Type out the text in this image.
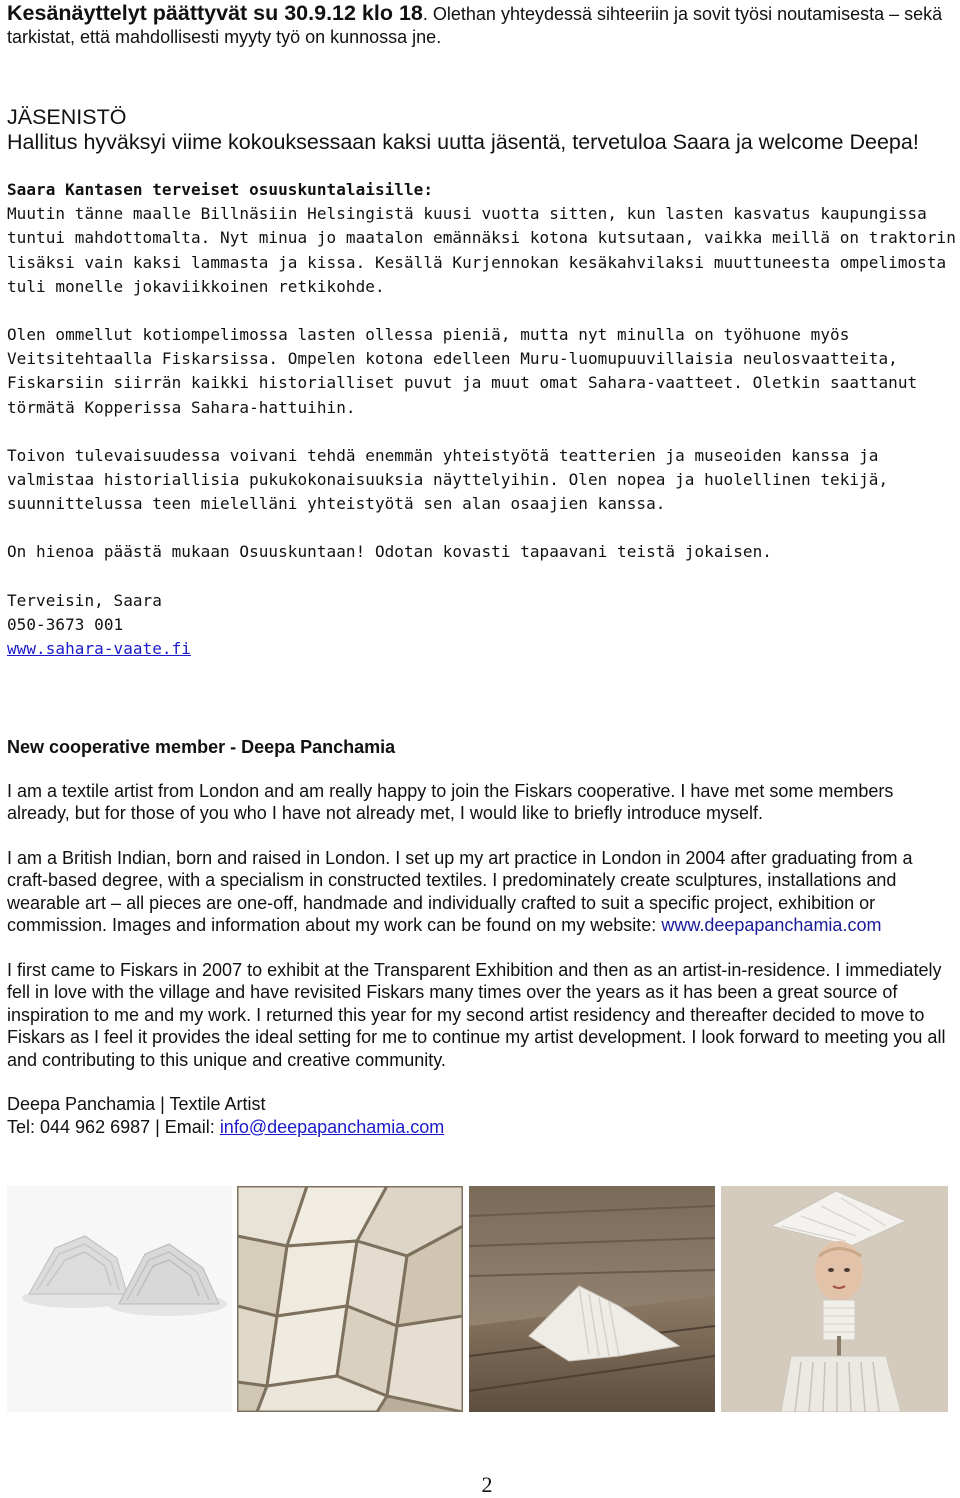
Kesänäyttelyt päättyvät su 30.9.12 klo 18. Olethan yhteydessä sihteeriin ja sovit työsi noutamisesta – sekä tarkistat, että mahdollisesti myyty työ on kunnossa jne.

JÄSENISTÖ
Hallitus hyväksyi viime kokouksessaan kaksi uutta jäsentä, tervetuloa Saara ja welcome Deepa!
Saara Kantasen terveiset osuuskuntalaisille:

Muutin tänne maalle Billnäsiin Helsingistä kuusi vuotta sitten, kun lasten kasvatus kaupungissa tuntui mahdottomalta. Nyt minua jo maatalon emännäksi kotona kutsutaan, vaikka meillä on traktorin lisäksi vain kaksi lammasta ja kissa. Kesällä Kurjennokan kesäkahvilaksi muuttuneesta ompelimosta tuli monelle jokaviikkoinen retkikohde.

Olen ommellut kotiompelimossa lasten ollessa pieniä, mutta nyt minulla on työhuone myös Veitsitehtaalla Fiskarsissa. Ompelen kotona edelleen Muru-luomupuuvillaisia neulosvaatteita, Fiskarsiin siirrän kaikki historialliset puvut ja muut omat Sahara-vaatteet. Oletkin saattanut törmätä Kopperissa Sahara-hattuihin.

Toivon tulevaisuudessa voivani tehdä enemmän yhteistyötä teatterien ja museoiden kanssa ja valmistaa historiallisia pukukokonaisuuksia näyttelyihin. Olen nopea ja huolellinen tekijä, suunnittelussa teen mielelläni yhteistyötä sen alan osaajien kanssa.

On hienoa päästä mukaan Osuuskuntaan! Odotan kovasti tapaavani teistä jokaisen.

Terveisin, Saara

050-3673 001

www.sahara-vaate.fi

New cooperative member - Deepa Panchamia

I am a textile artist from London and am really happy to join the Fiskars cooperative. I have met some members already, but for those of you who I have not already met, I would like to briefly introduce myself.

I am a British Indian, born and raised in London. I set up my art practice in London in 2004 after graduating from a craft-based degree, with a specialism in constructed textiles. I predominately create sculptures, installations and wearable art – all pieces are one-off, handmade and individually crafted to suit a specific project, exhibition or commission. Images and information about my work can be found on my website: www.deepapanchamia.com

I first came to Fiskars in 2007 to exhibit at the Transparent Exhibition and then as an artist-in-residence. I immediately fell in love with the village and have revisited Fiskars many times over the years as it has been a great source of inspiration to me and my work. I returned this year for my second artist residency and thereafter decided to move to Fiskars as I feel it provides the ideal setting for me to continue my artist development. I look forward to meeting you all and contributing to this unique and creative community.

Deepa Panchamia | Textile Artist

Tel: 044 962 6987 | Email: info@deepapanchamia.com

2
